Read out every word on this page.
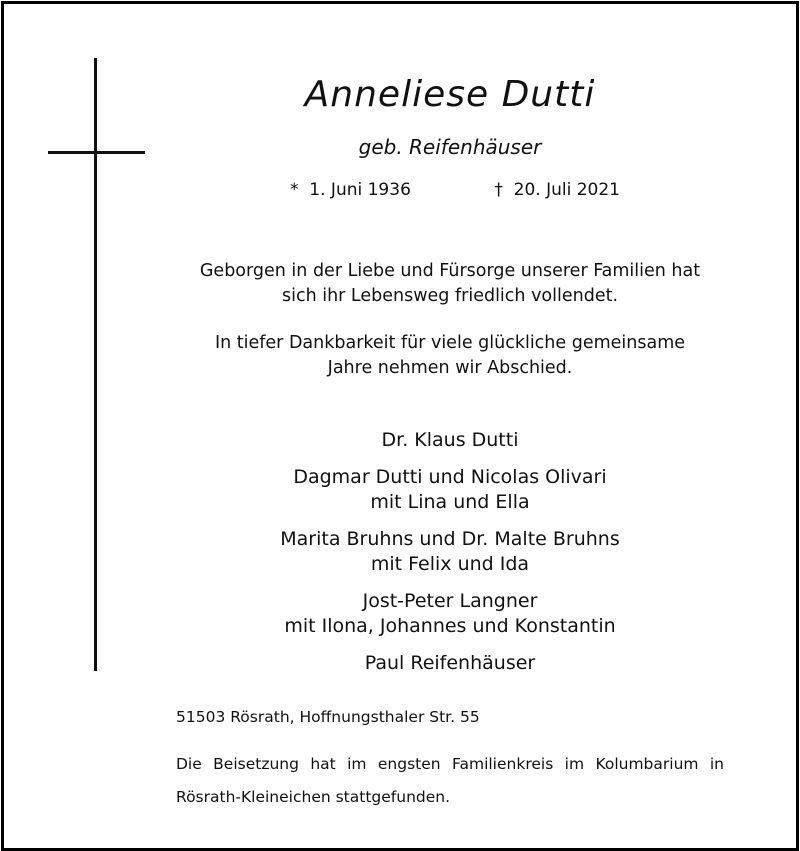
Anneliese Dutti
geb. Reifenhäuser
*  1. Juni 1936	†  20. Juli 2021
Geborgen in der Liebe und Fürsorge unserer Familien hat
sich ihr Lebensweg friedlich vollendet.
In tiefer Dankbarkeit für viele glückliche gemeinsame
Jahre nehmen wir Abschied.
Dr. Klaus Dutti
Dagmar Dutti und Nicolas Olivari
mit Lina und Ella
Marita Bruhns und Dr. Malte Bruhns
mit Felix und Ida
Jost-Peter Langner
mit Ilona, Johannes und Konstantin
Paul Reifenhäuser
51503 Rösrath, Hoffnungsthaler Str. 55
Die Beisetzung hat im engsten Familienkreis im Kolumbarium in Rösrath-Kleineichen stattgefunden.
